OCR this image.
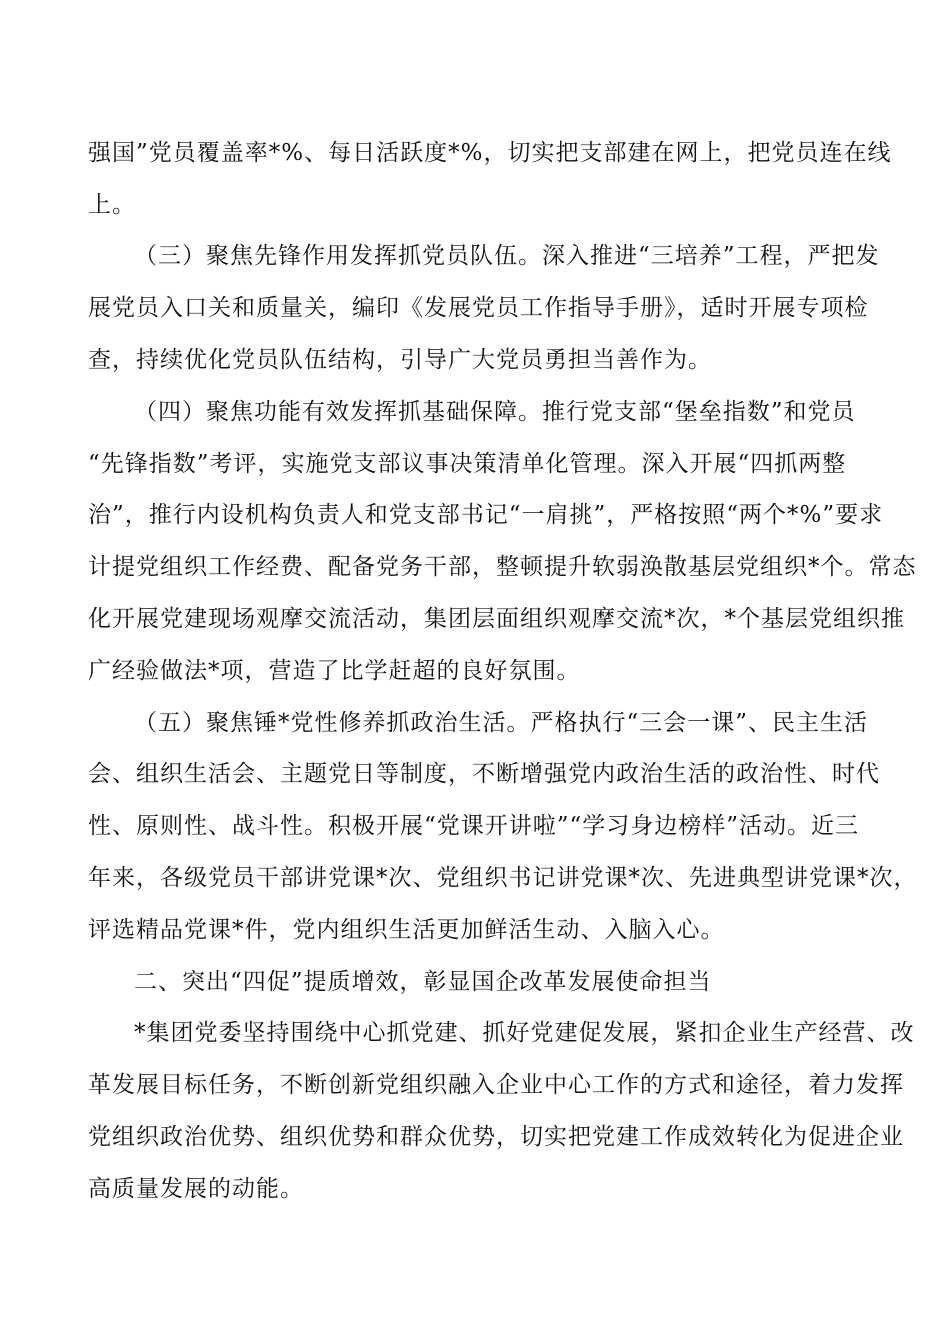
强国”党员覆盖率*%、每日活跃度*%，切实把支部建在网上，把党员连在线
上。
（三）聚焦先锋作用发挥抓党员队伍。深入推进“三培养”工程，严把发
展党员入口关和质量关，编印《发展党员工作指导手册》，适时开展专项检
查，持续优化党员队伍结构，引导广大党员勇担当善作为。
（四）聚焦功能有效发挥抓基础保障。推行党支部“堡垒指数”和党员
“先锋指数”考评，实施党支部议事决策清单化管理。深入开展“四抓两整
治”，推行内设机构负责人和党支部书记“一肩挑”，严格按照“两个*%”要求
计提党组织工作经费、配备党务干部，整顿提升软弱涣散基层党组织*个。常态
化开展党建现场观摩交流活动，集团层面组织观摩交流*次，*个基层党组织推
广经验做法*项，营造了比学赶超的良好氛围。
（五）聚焦锤*党性修养抓政治生活。严格执行“三会一课”、民主生活
会、组织生活会、主题党日等制度，不断增强党内政治生活的政治性、时代
性、原则性、战斗性。积极开展“党课开讲啦”“学习身边榜样”活动。近三
年来，各级党员干部讲党课*次、党组织书记讲党课*次、先进典型讲党课*次，
评选精品党课*件，党内组织生活更加鲜活生动、入脑入心。
二、突出“四促”提质增效，彰显国企改革发展使命担当
*集团党委坚持围绕中心抓党建、抓好党建促发展，紧扣企业生产经营、改
革发展目标任务，不断创新党组织融入企业中心工作的方式和途径，着力发挥
党组织政治优势、组织优势和群众优势，切实把党建工作成效转化为促进企业
高质量发展的动能。
